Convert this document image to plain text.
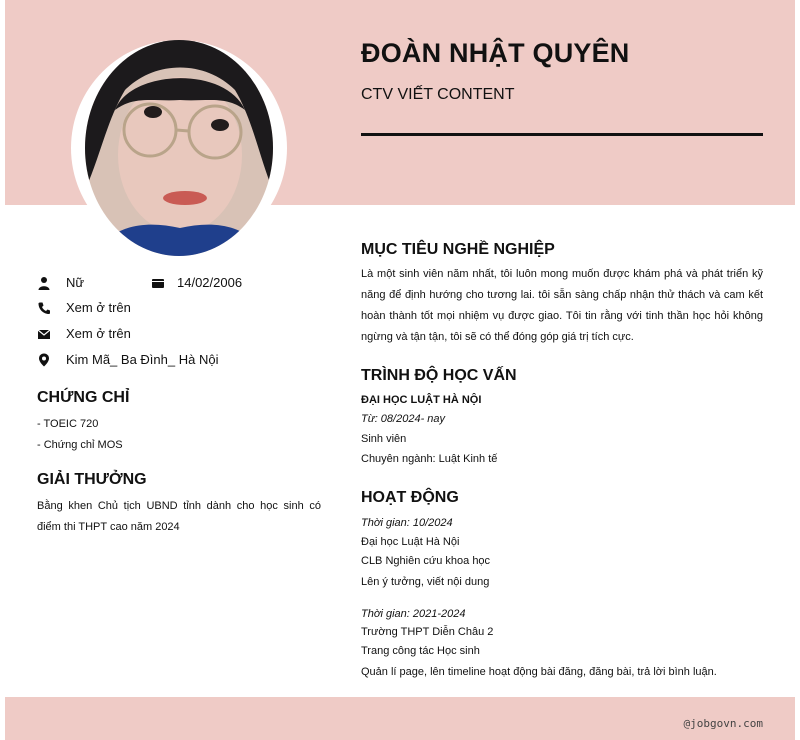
ĐOÀN NHẬT QUYÊN
CTV VIẾT CONTENT
Nữ	14/02/2006
Xem ở trên
Xem ở trên
Kim Mã_ Ba Đình_ Hà Nội
CHỨNG CHỈ
- TOEIC 720
- Chứng chỉ MOS
GIẢI THƯỞNG
Bằng khen Chủ tịch UBND tỉnh dành cho học sinh có điểm thi THPT cao năm 2024
MỤC TIÊU NGHỀ NGHIỆP
Là một sinh viên năm nhất, tôi luôn mong muốn được khám phá và phát triển kỹ năng để định hướng cho tương lai. tôi sẵn sàng chấp nhận thử thách và cam kết hoàn thành tốt mọi nhiệm vụ được giao. Tôi tin rằng với tinh thần học hỏi không ngừng và tận tận, tôi sẽ có thể đóng góp giá trị tích cực.
TRÌNH ĐỘ HỌC VẤN
ĐẠI HỌC LUẬT HÀ NỘI
Từ: 08/2024- nay
Sinh viên
Chuyên ngành: Luật Kinh tế
HOẠT ĐỘNG
Thời gian: 10/2024
Đại học Luật Hà Nội
CLB Nghiên cứu khoa học
Lên ý tưởng, viết nội dung
Thời gian: 2021-2024
Trường THPT Diễn Châu 2
Trang công tác Học sinh
Quản lí page, lên timeline hoạt động bài đăng, đăng bài, trả lời bình luận.
@jobgovn.com
